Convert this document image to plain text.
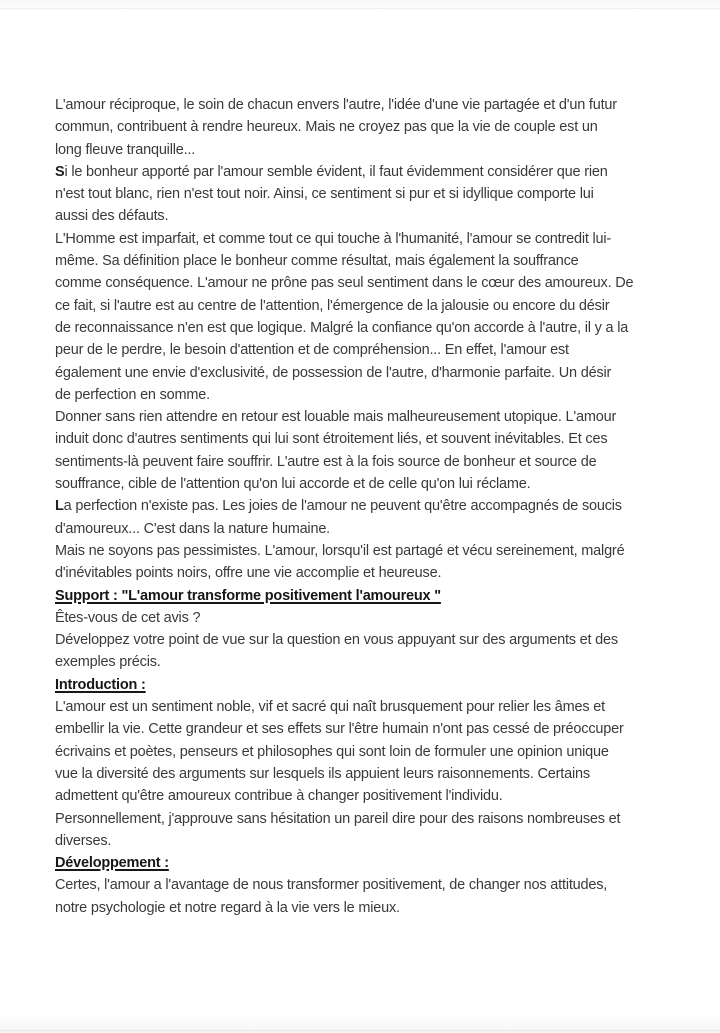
L'amour réciproque, le soin de chacun envers l'autre, l'idée d'une vie partagée et d'un futur
commun, contribuent à rendre heureux. Mais ne croyez pas que la vie de couple est un
long fleuve tranquille...
Si le bonheur apporté par l'amour semble évident, il faut évidemment considérer que rien
n'est tout blanc, rien n'est tout noir. Ainsi, ce sentiment si pur et si idyllique comporte lui
aussi des défauts.
L'Homme est imparfait, et comme tout ce qui touche à l'humanité, l'amour se contredit lui-
même. Sa définition place le bonheur comme résultat, mais également la souffrance
comme conséquence. L'amour ne prône pas seul sentiment dans le cœur des amoureux. De
ce fait, si l'autre est au centre de l'attention, l'émergence de la jalousie ou encore du désir
de reconnaissance n'en est que logique. Malgré la confiance qu'on accorde à l'autre, il y a la
peur de le perdre, le besoin d'attention et de compréhension... En effet, l'amour est
également une envie d'exclusivité, de possession de l'autre, d'harmonie parfaite. Un désir
de perfection en somme.
Donner sans rien attendre en retour est louable mais malheureusement utopique. L'amour
induit donc d'autres sentiments qui lui sont étroitement liés, et souvent inévitables. Et ces
sentiments-là peuvent faire souffrir. L'autre est à la fois source de bonheur et source de
souffrance, cible de l'attention qu'on lui accorde et de celle qu'on lui réclame.
La perfection n'existe pas. Les joies de l'amour ne peuvent qu'être accompagnés de soucis
d'amoureux... C'est dans la nature humaine.
Mais ne soyons pas pessimistes. L'amour, lorsqu'il est partagé et vécu sereinement, malgré
d'inévitables points noirs, offre une vie accomplie et heureuse.
Support : "L'amour transforme positivement l'amoureux "
Êtes-vous de cet avis ?
Développez votre point de vue sur la question en vous appuyant sur des arguments et des
exemples précis.
Introduction :
L'amour est un sentiment noble, vif et sacré qui naît brusquement pour relier les âmes et
embellir la vie. Cette grandeur et ses effets sur l'être humain n'ont pas cessé de préoccuper
écrivains et poètes, penseurs et philosophes qui sont loin de formuler une opinion unique
vue la diversité des arguments sur lesquels ils appuient leurs raisonnements. Certains
admettent qu'être amoureux contribue à changer positivement l'individu.
Personnellement, j'approuve sans hésitation un pareil dire pour des raisons nombreuses et
diverses.
Développement :
Certes, l'amour a l'avantage de nous transformer positivement, de changer nos attitudes,
notre psychologie et notre regard à la vie vers le mieux.
